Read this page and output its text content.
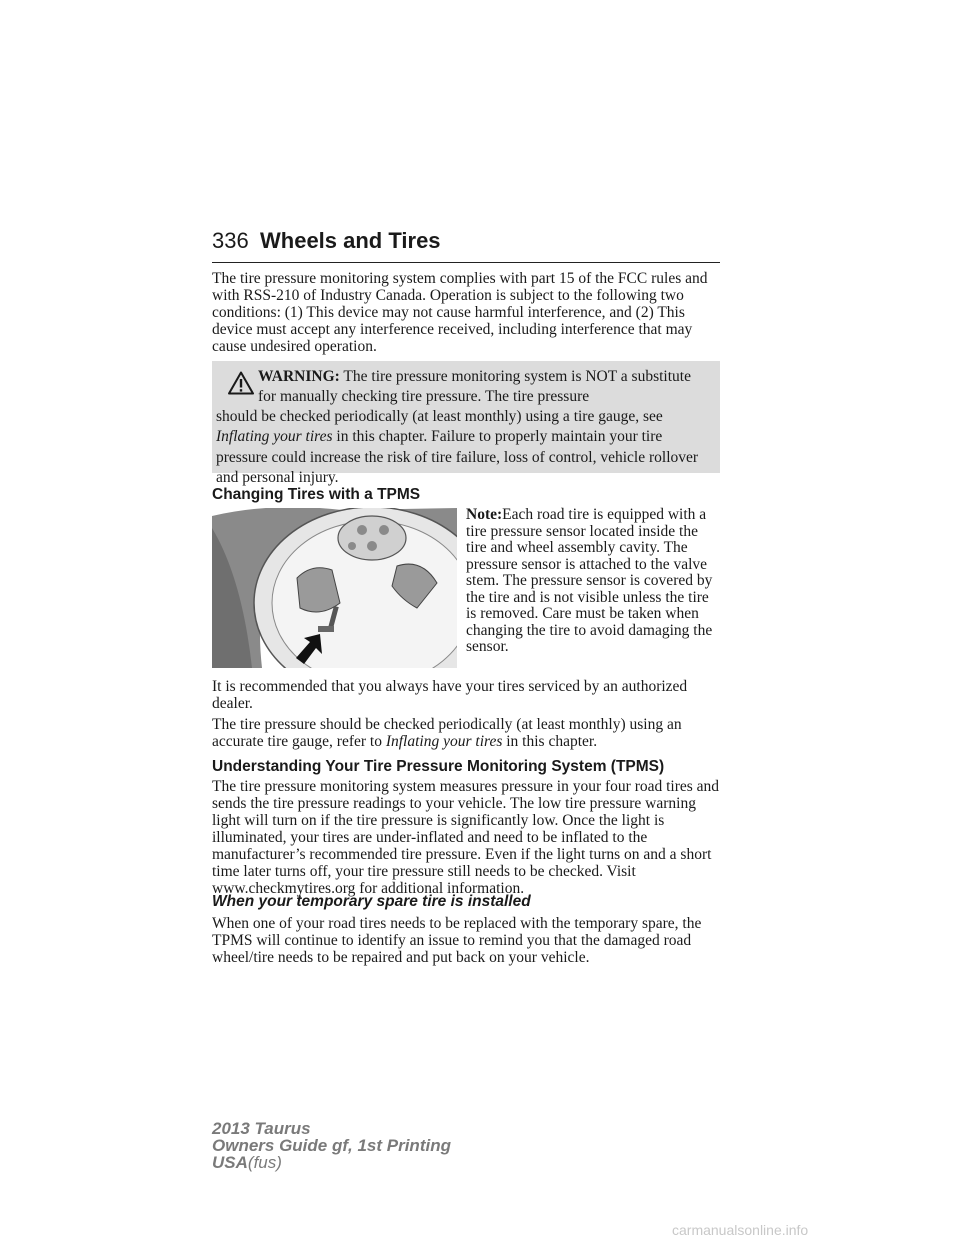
336 Wheels and Tires

The tire pressure monitoring system complies with part 15 of the FCC rules and with RSS-210 of Industry Canada. Operation is subject to the following two conditions: (1) This device may not cause harmful interference, and (2) This device must accept any interference received, including interference that may cause undesired operation.

WARNING: The tire pressure monitoring system is NOT a substitute for manually checking tire pressure. The tire pressure
should be checked periodically (at least monthly) using a tire gauge, see Inflating your tires in this chapter. Failure to properly maintain your tire pressure could increase the risk of tire failure, loss of control, vehicle rollover and personal injury.
Changing Tires with a TPMS

Note:Each road tire is equipped with a tire pressure sensor located inside the tire and wheel assembly cavity. The pressure sensor is attached to the valve stem. The pressure sensor is covered by the tire and is not visible unless the tire is removed. Care must be taken when changing the tire to avoid damaging the sensor.

It is recommended that you always have your tires serviced by an authorized dealer.

The tire pressure should be checked periodically (at least monthly) using an accurate tire gauge, refer to Inflating your tires in this chapter.

Understanding Your Tire Pressure Monitoring System (TPMS)

The tire pressure monitoring system measures pressure in your four road tires and sends the tire pressure readings to your vehicle. The low tire pressure warning light will turn on if the tire pressure is significantly low. Once the light is illuminated, your tires are under-inflated and need to be inflated to the manufacturer’s recommended tire pressure. Even if the light turns on and a short time later turns off, your tire pressure still needs to be checked. Visit www.checkmytires.org for additional information.

When your temporary spare tire is installed

When one of your road tires needs to be replaced with the temporary spare, the TPMS will continue to identify an issue to remind you that the damaged road wheel/tire needs to be repaired and put back on your vehicle.

2013 Taurus
Owners Guide gf, 1st Printing
USA(fus)
carmanualsonline.info
